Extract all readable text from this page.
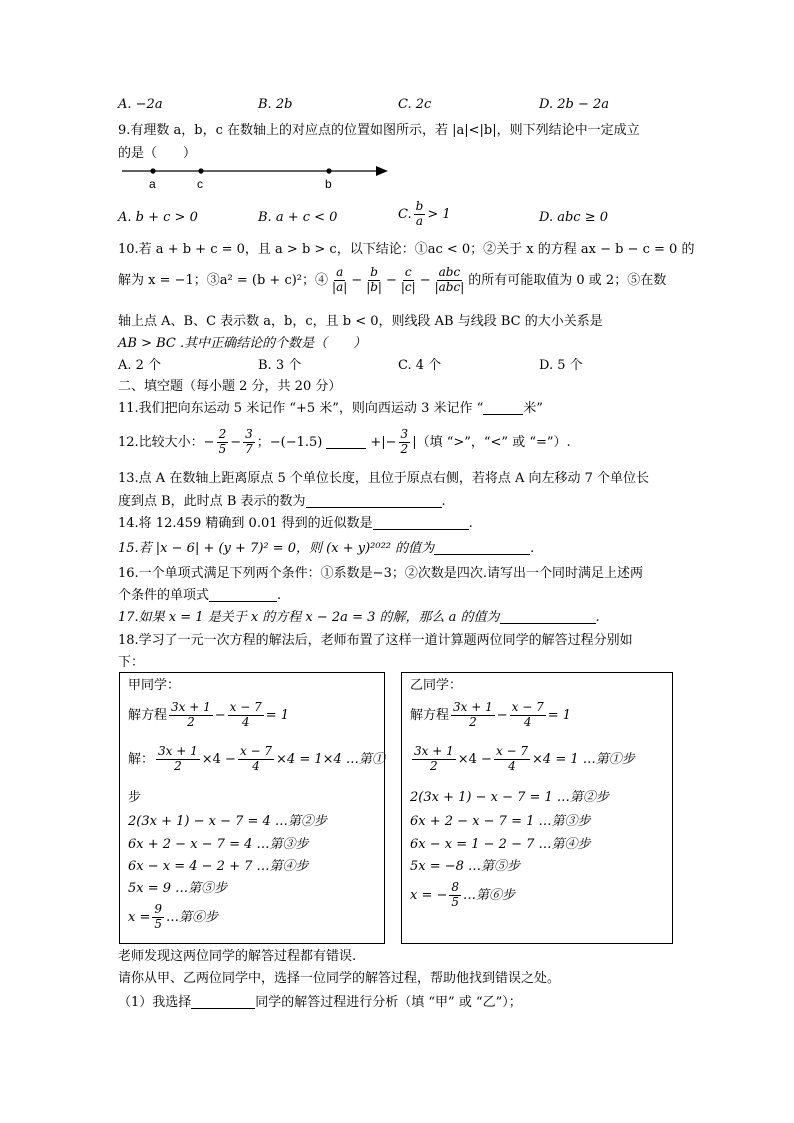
A. −2a	B. 2b	C. 2c	D. 2b − 2a
9.有理数 a，b，c 在数轴上的对应点的位置如图所示，若 |a|<|b|，则下列结论中一定成立
的是（　　）
a	c	b
A. b + c > 0	B. a + c < 0	C. $\frac{b}{a} > 1$	D. abc ≥ 0
10.若 a + b + c = 0，且 a > b > c，以下结论：①ac < 0；②关于 x 的方程 ax − b − c = 0 的
解为 x = −1；③a² = (b + c)²；④ $\frac{a}{|a|} - \frac{b}{|b|} - \frac{c}{|c|} - \frac{\text{abc}}{\text{|abc|}}$ 的所有可能取值为 0 或 2；⑤在数
轴上点 A、B、C 表示数 a，b，c，且 b < 0，则线段 AB 与线段 BC 的大小关系是
AB > BC .其中正确结论的个数是（　　）
A. 2 个	B. 3 个	C. 4 个	D. 5 个
二、填空题（每小题 2 分，共 20 分）
11.我们把向东运动 5 米记作 “+5 米”，则向西运动 3 米记作 “	米”
12.比较大小：− $\frac{2}{5} - \frac{3}{7}$ ；−(−1.5)	+|− $\frac{3}{2}$ |（填 “>”，“<” 或 “=”）.
13.点 A 在数轴上距离原点 5 个单位长度，且位于原点右侧，若将点 A 向左移动 7 个单位长
度到点 B，此时点 B 表示的数为	.
14.将 12.459 精确到 0.01 得到的近似数是	.
15.若 |x − 6| + (y + 7)² = 0，则 (x + y)²⁰²² 的值为	.
16.一个单项式满足下列两个条件：①系数是−3；②次数是四次.请写出一个同时满足上述两
个条件的单项式	.
17.如果 x = 1 是关于 x 的方程 x − 2a = 3 的解，那么 a 的值为	.
18.学习了一元一次方程的解法后，老师布置了这样一道计算题两位同学的解答过程分别如
下：
甲同学：
解方程 $\frac{3x + 1}{2} - \frac{x - 7}{4} = 1$
解： $\frac{3x + 1}{2} \times 4 - \frac{x - 7}{4} \times 4 = 1\times 4$ …第①
步
2(3x + 1) − x − 7 = 4 …第②步
6x + 2 − x − 7 = 4 …第③步
6x − x = 4 − 2 + 7 …第④步
5x = 9 …第⑤步
$x = \frac{9}{5}$ …第⑥步
乙同学：
解方程 $\frac{3x + 1}{2} - \frac{x - 7}{4} = 1$
$\frac{3x + 1}{2} \times 4 - \frac{x - 7}{4} \times 4 = 1$ …第①步
2(3x + 1) − x − 7 = 1 …第②步
6x + 2 − x − 7 = 1 …第③步
6x − x = 1 − 2 − 7 …第④步
5x = −8 …第⑤步
x = − $\frac{8}{5}$ …第⑥步
老师发现这两位同学的解答过程都有错误.
请你从甲、乙两位同学中，选择一位同学的解答过程，帮助他找到错误之处。
（1）我选择	同学的解答过程进行分析（填 “甲” 或 “乙”）；
